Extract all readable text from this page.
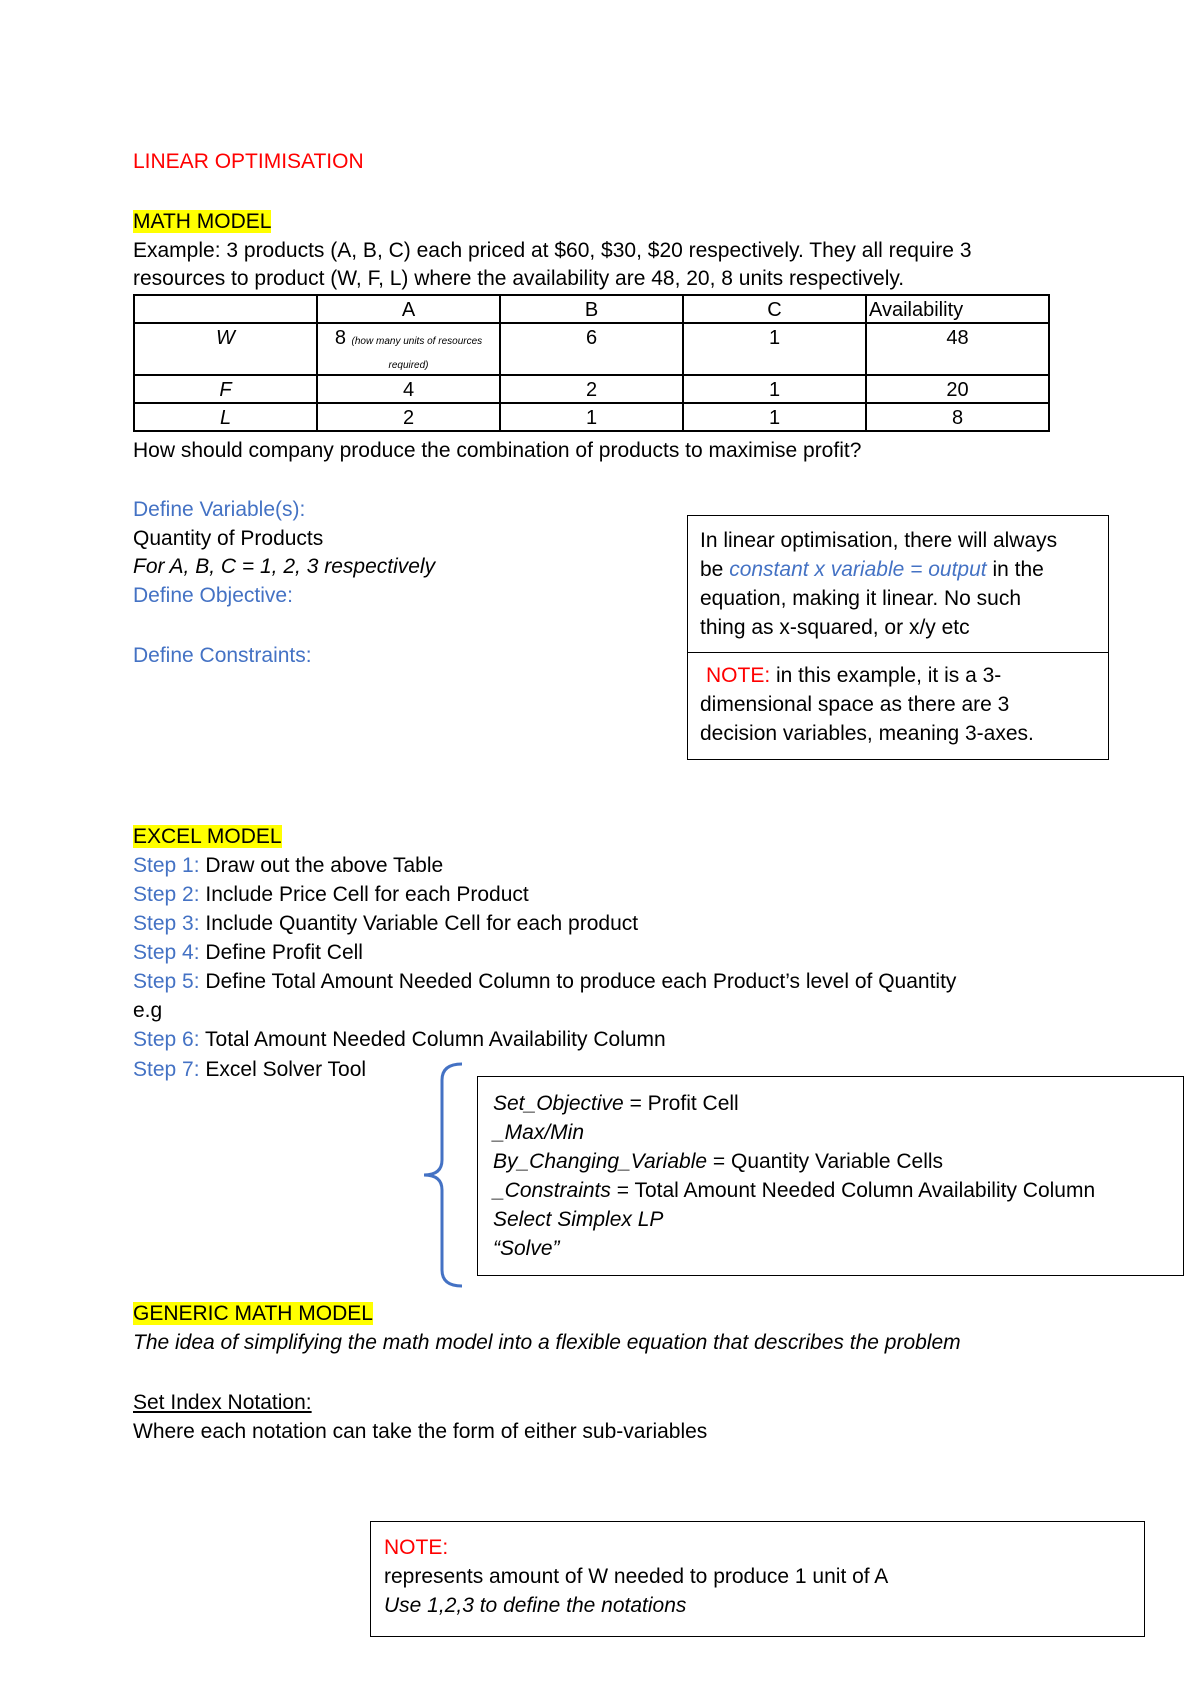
LINEAR OPTIMISATION
MATH MODEL
Example: 3 products (A, B, C) each priced at $60, $30, $20 respectively. They all require 3
resources to product (W, F, L) where the availability are 48, 20, 8 units respectively.
	A	B	C	Availability
W	8 (how many units of resources required)	6	1	48
F	4	2	1	20
L	2	1	1	8
How should company produce the combination of products to maximise profit?
Define Variable(s):
Quantity of Products
For A, B, C = 1, 2, 3 respectively
Define Objective:
Define Constraints:
In linear optimisation, there will always
be constant x variable = output in the
equation, making it linear. No such
thing as x-squared, or x/y etc
NOTE: in this example, it is a 3-
dimensional space as there are 3
decision variables, meaning 3-axes.
EXCEL MODEL
Step 1: Draw out the above Table
Step 2: Include Price Cell for each Product
Step 3: Include Quantity Variable Cell for each product
Step 4: Define Profit Cell
Step 5: Define Total Amount Needed Column to produce each Product’s level of Quantity
e.g
Step 6: Total Amount Needed Column Availability Column
Step 7: Excel Solver Tool
Set_Objective = Profit Cell
_Max/Min
By_Changing_Variable = Quantity Variable Cells
_Constraints = Total Amount Needed Column Availability Column
Select Simplex LP
“Solve”
GENERIC MATH MODEL
The idea of simplifying the math model into a flexible equation that describes the problem
Set Index Notation:
Where each notation can take the form of either sub-variables
NOTE:
represents amount of W needed to produce 1 unit of A
Use 1,2,3 to define the notations
